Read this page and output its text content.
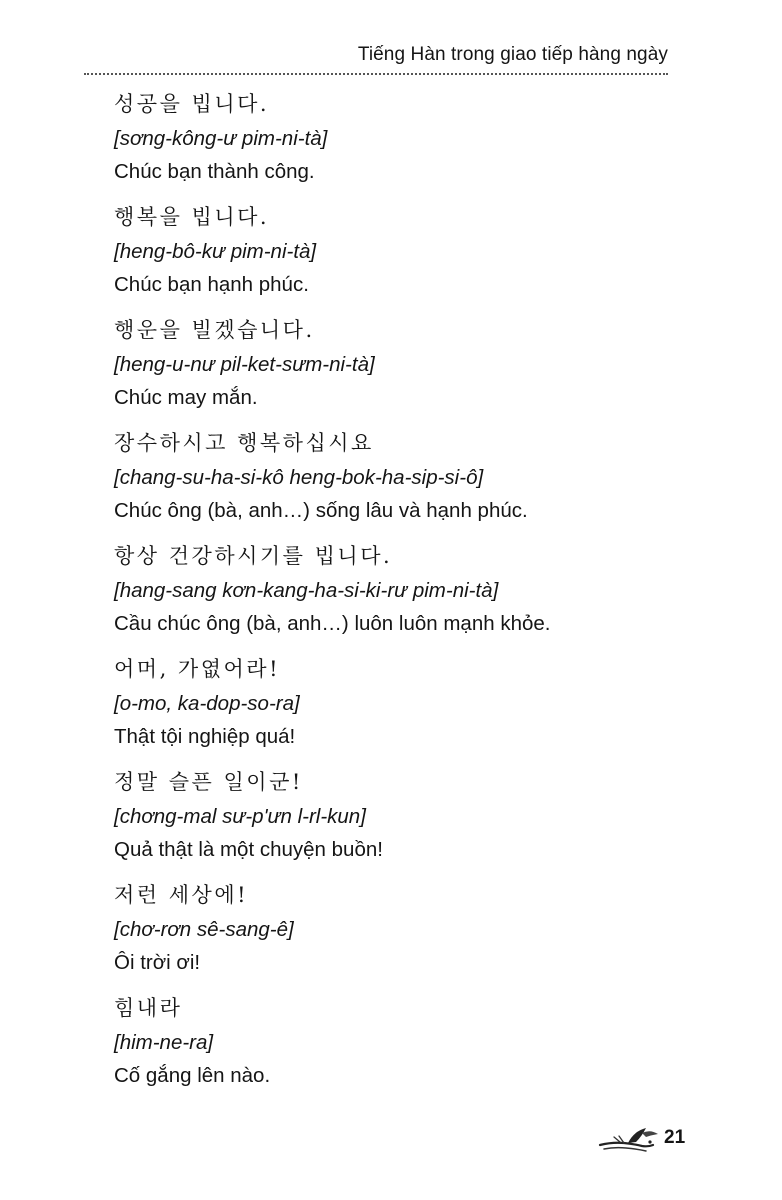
Tiếng Hàn trong giao tiếp hàng ngày
성공을 빕니다.
[sơng-kông-ư pim-ni-tà]
Chúc bạn thành công.
행복을 빕니다.
[heng-bô-kư pim-ni-tà]
Chúc bạn hạnh phúc.
행운을 빌겠습니다.
[heng-u-nư pil-ket-sưm-ni-tà]
Chúc may mắn.
장수하시고 행복하십시요
[chang-su-ha-si-kô heng-bok-ha-sip-si-ô]
Chúc ông (bà, anh…) sống lâu và hạnh phúc.
항상 건강하시기를 빕니다.
[hang-sang kơn-kang-ha-si-ki-rư pim-ni-tà]
Cầu chúc ông (bà, anh…) luôn luôn mạnh khỏe.
어머, 가엾어라!
[o-mo, ka-dop-so-ra]
Thật tội nghiệp quá!
정말 슬픈 일이군!
[chơng-mal sư-p'ưn l-rl-kun]
Quả thật là một chuyện buồn!
저런 세상에!
[chơ-rơn sê-sang-ê]
Ôi trời ơi!
힘내라
[him-ne-ra]
Cố gắng lên nào.
21
